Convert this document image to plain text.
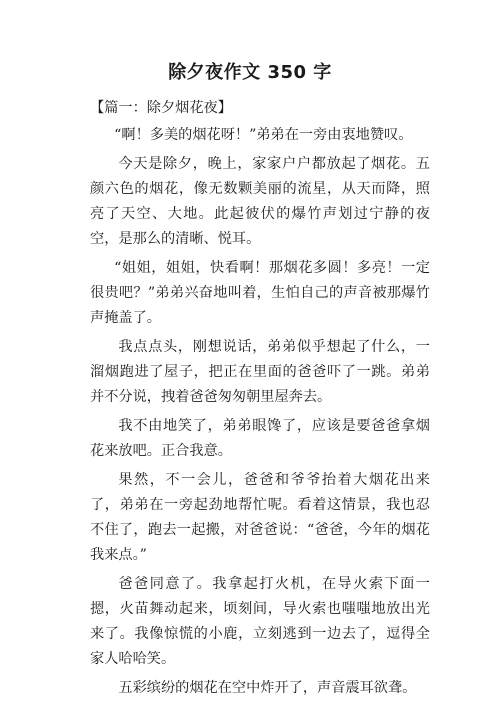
除夕夜作文 350 字

【篇一：除夕烟花夜】

“啊！多美的烟花呀！”弟弟在一旁由衷地赞叹。

今天是除夕，晚上，家家户户都放起了烟花。五颜六色的烟花，像无数颗美丽的流星，从天而降，照亮了天空、大地。此起彼伏的爆竹声划过宁静的夜空，是那么的清晰、悦耳。

“姐姐，姐姐，快看啊！那烟花多圆！多亮！一定很贵吧？”弟弟兴奋地叫着，生怕自己的声音被那爆竹声掩盖了。

我点点头，刚想说话，弟弟似乎想起了什么，一溜烟跑进了屋子，把正在里面的爸爸吓了一跳。弟弟并不分说，拽着爸爸匆匆朝里屋奔去。

我不由地笑了，弟弟眼馋了，应该是要爸爸拿烟花来放吧。正合我意。

果然，不一会儿，爸爸和爷爷抬着大烟花出来了，弟弟在一旁起劲地帮忙呢。看着这情景，我也忍不住了，跑去一起搬，对爸爸说：“爸爸，今年的烟花我来点。”

爸爸同意了。我拿起打火机，在导火索下面一摁，火苗舞动起来，顷刻间，导火索也嗤嗤地放出光来了。我像惊慌的小鹿，立刻逃到一边去了，逗得全家人哈哈笑。

五彩缤纷的烟花在空中炸开了，声音震耳欲聋。
